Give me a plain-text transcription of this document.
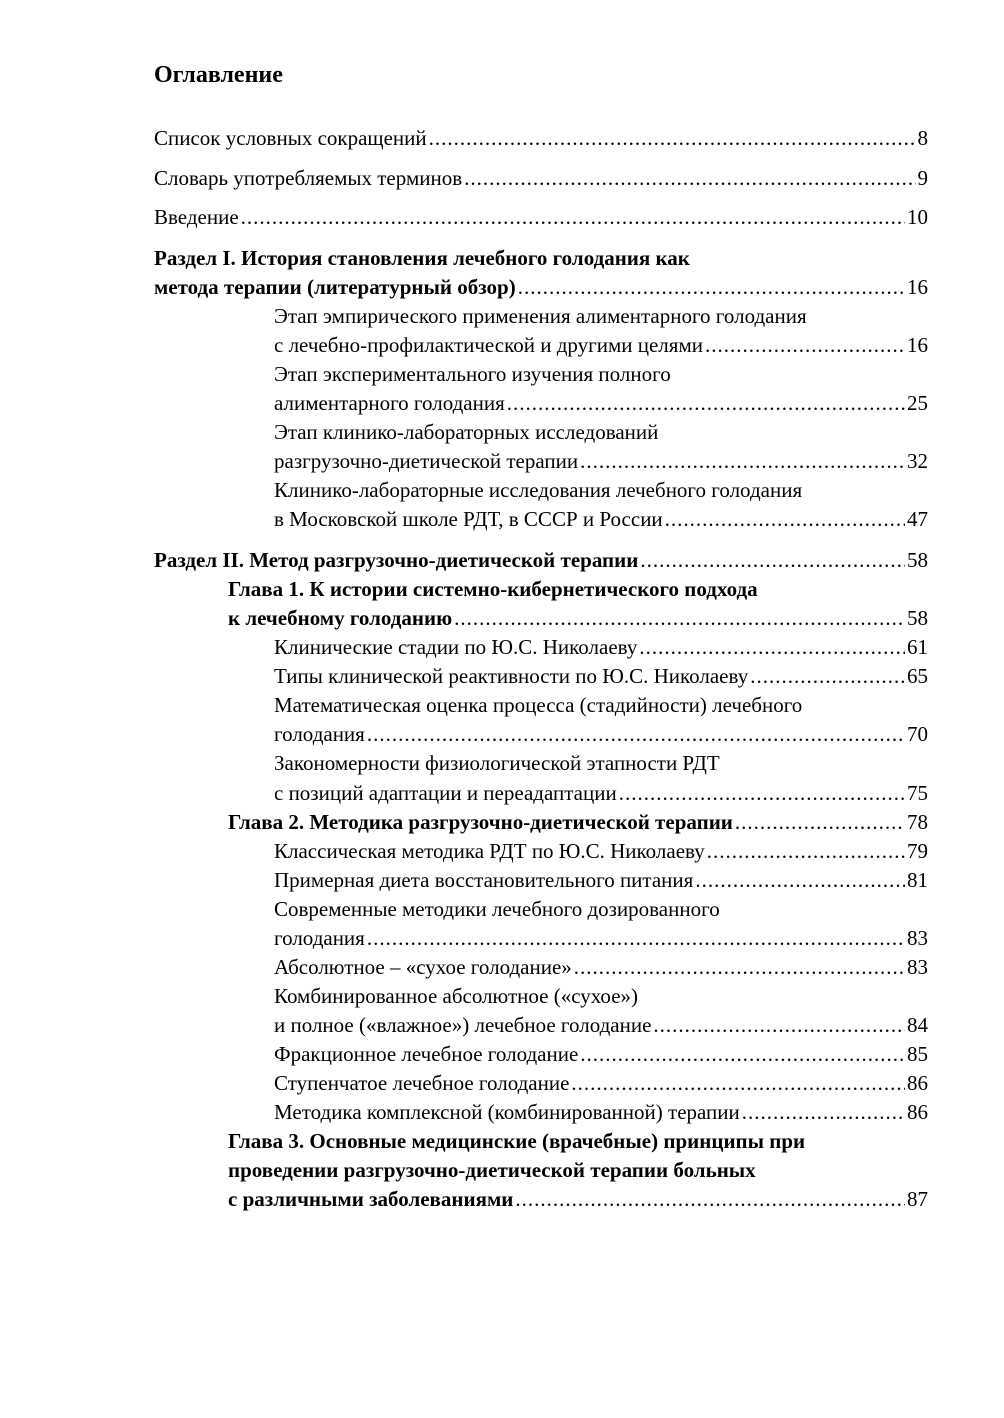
Оглавление
Список условных сокращений .....	8
Словарь употребляемых терминов .....	9
Введение .....	10
Раздел I. История становления лечебного голодания как
метода терапии (литературный обзор) .....	16
Этап эмпирического применения алиментарного голодания
с лечебно-профилактической и другими целями .....	16
Этап экспериментального изучения полного
алиментарного голодания .....	25
Этап клинико-лабораторных исследований
разгрузочно-диетической терапии .....	32
Клинико-лабораторные исследования лечебного голодания
в Московской школе РДТ, в СССР и России .....	47
Раздел II. Метод разгрузочно-диетической терапии .....	58
Глава 1. К истории системно-кибернетического подхода
к лечебному голоданию .....	58
Клинические стадии по Ю.С. Николаеву .....	61
Типы клинической реактивности по Ю.С. Николаеву .....	65
Математическая оценка процесса (стадийности) лечебного
голодания .....	70
Закономерности физиологической этапности РДТ
с позиций адаптации и переадаптации .....	75
Глава 2. Методика разгрузочно-диетической терапии .....	78
Классическая методика РДТ по Ю.С. Николаеву .....	79
Примерная диета восстановительного питания .....	81
Современные методики лечебного дозированного
голодания .....	83
Абсолютное – «сухое голодание» .....	83
Комбинированное абсолютное («сухое»)
и полное («влажное») лечебное голодание .....	84
Фракционное лечебное голодание .....	85
Ступенчатое лечебное голодание .....	86
Методика комплексной (комбинированной) терапии .....	86
Глава 3. Основные медицинские (врачебные) принципы при
проведении разгрузочно-диетической терапии больных
с различными заболеваниями .....	87
